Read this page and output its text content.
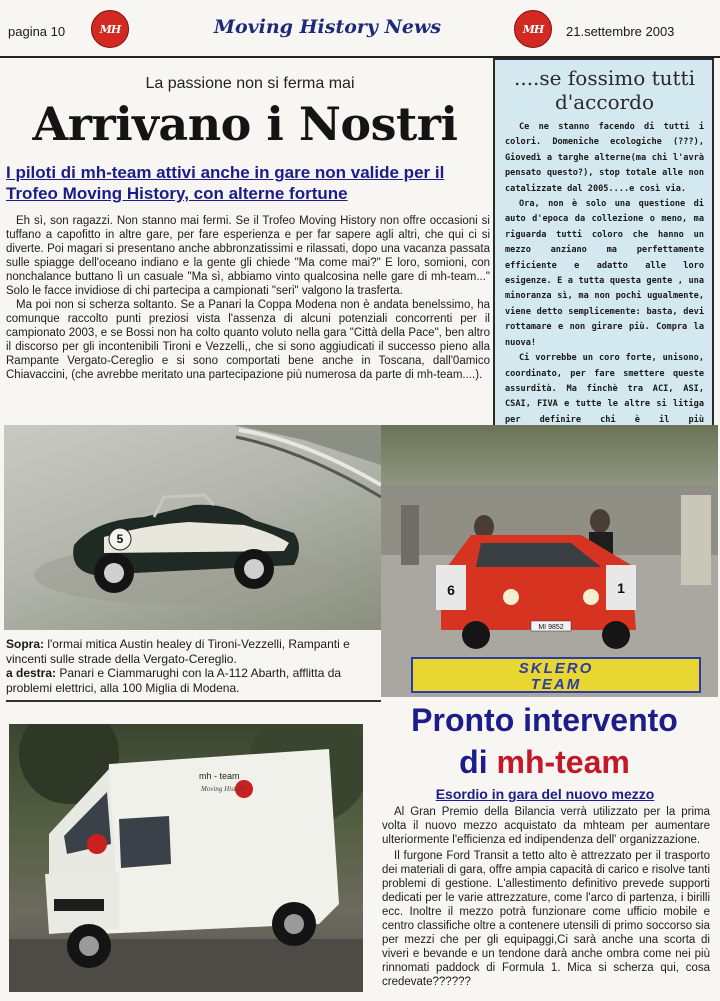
pagina 10	MH	Moving History News	MH 21.settembre 2003
La passione non si ferma mai
Arrivano i Nostri
I piloti di mh-team attivi anche in gare non valide per il Trofeo Moving History, con alterne fortune

Eh sì, son ragazzi. Non stanno mai fermi. Se il Trofeo Moving History non offre occasioni si tuffano a capofitto in altre gare, per fare esperienza e per far sapere agli altri, che qui ci si diverte. Poi magari si presentano anche abbronzatissimi e rilassati, dopo una vacanza passata sulle spiagge dell'oceano indiano e la gente gli chiede "Ma come mai?" E loro, somioni, con nonchalance buttano lì un casuale "Ma sì, abbiamo vinto qualcosina nelle gare di mh-team..." Solo le facce invidiose di chi partecipa a campionati "seri" valgono la trasferta.

Ma poi non si scherza soltanto. Se a Panari la Coppa Modena non è andata benelssimo, ha comunque raccolto punti preziosi vista l'assenza di alcuni potenziali concorrenti per il campionato 2003, e se Bossi non ha colto quanto voluto nella gara "Città della Pace", ben altro il discorso per gli incontenibili Tironi e Vezzelli,, che si sono aggiudicati il successo pieno alla Rampante Vergato-Cereglio e si sono comportati bene anche in Toscana, dall'0amico Chiavaccini, (che avrebbe meritato una partecipazione più numerosa da parte di mh-team....).

....se fossimo tutti d'accordo

Ce ne stanno facendo di tutti i colori. Domeniche ecologiche (???), Giovedì a targhe alterne(ma chi l'avrà pensato questo?), stop totale alle non catalizzate dal 2005....e così via.

Ora, non è solo una questione di auto d'epoca da collezione o meno, ma riguarda tutti coloro che hanno un mezzo anziano ma perfettamente efficiente e adatto alle loro esigenze. E a tutta questa gente , una minoranza sì, ma non pochi ugualmente, viene detto semplicemente: basta, devi rottamare e non girare più. Compra la nuova!

Ci vorrebbe un coro forte, unisono, coordinato, per fare smettere queste assurdità. Ma finchè tra ACI, ASI, CSAI, FIVA e tutte le altre si litiga per definire chi è il più

5
6	1
MI 9852
SKLERO
TEAM
Sopra: l'ormai mitica Austin healey di Tironi-Vezzelli, Rampanti e vincenti sulle strade della Vergato-Cereglio.
a destra: Panari e Ciammarughi con la A-112 Abarth, afflitta da problemi elettrici, alla 100 Miglia di Modena.
mh - team
Moving History
Pronto intervento
di mh-team
Esordio in gara del nuovo mezzo

Al Gran Premio della Bilancia verrà utilizzato per la prima volta il nuovo mezzo acquistato da mhteam per aumentare ulteriormente l'efficienza ed indipendenza dell' organizzazione.

Il furgone Ford Transit a tetto alto è attrezzato per il trasporto dei materiali di gara, offre ampia capacità di carico e risolve tanti problemi di gestione. L'allestimento definitivo prevede supporti dedicati per le varie attrezzature, come l'arco di partenza, i birilli ecc. Inoltre il mezzo potrà funzionare come ufficio mobile e centro classifiche oltre a contenere utensili di primo soccorso sia per mezzi che per gli equipaggi,Ci sarà anche una scorta di viveri e bevande e un tendone darà anche ombra come nei più rinnomati paddock di Formula 1. Mica si scherza qui, cosa credevate??????
